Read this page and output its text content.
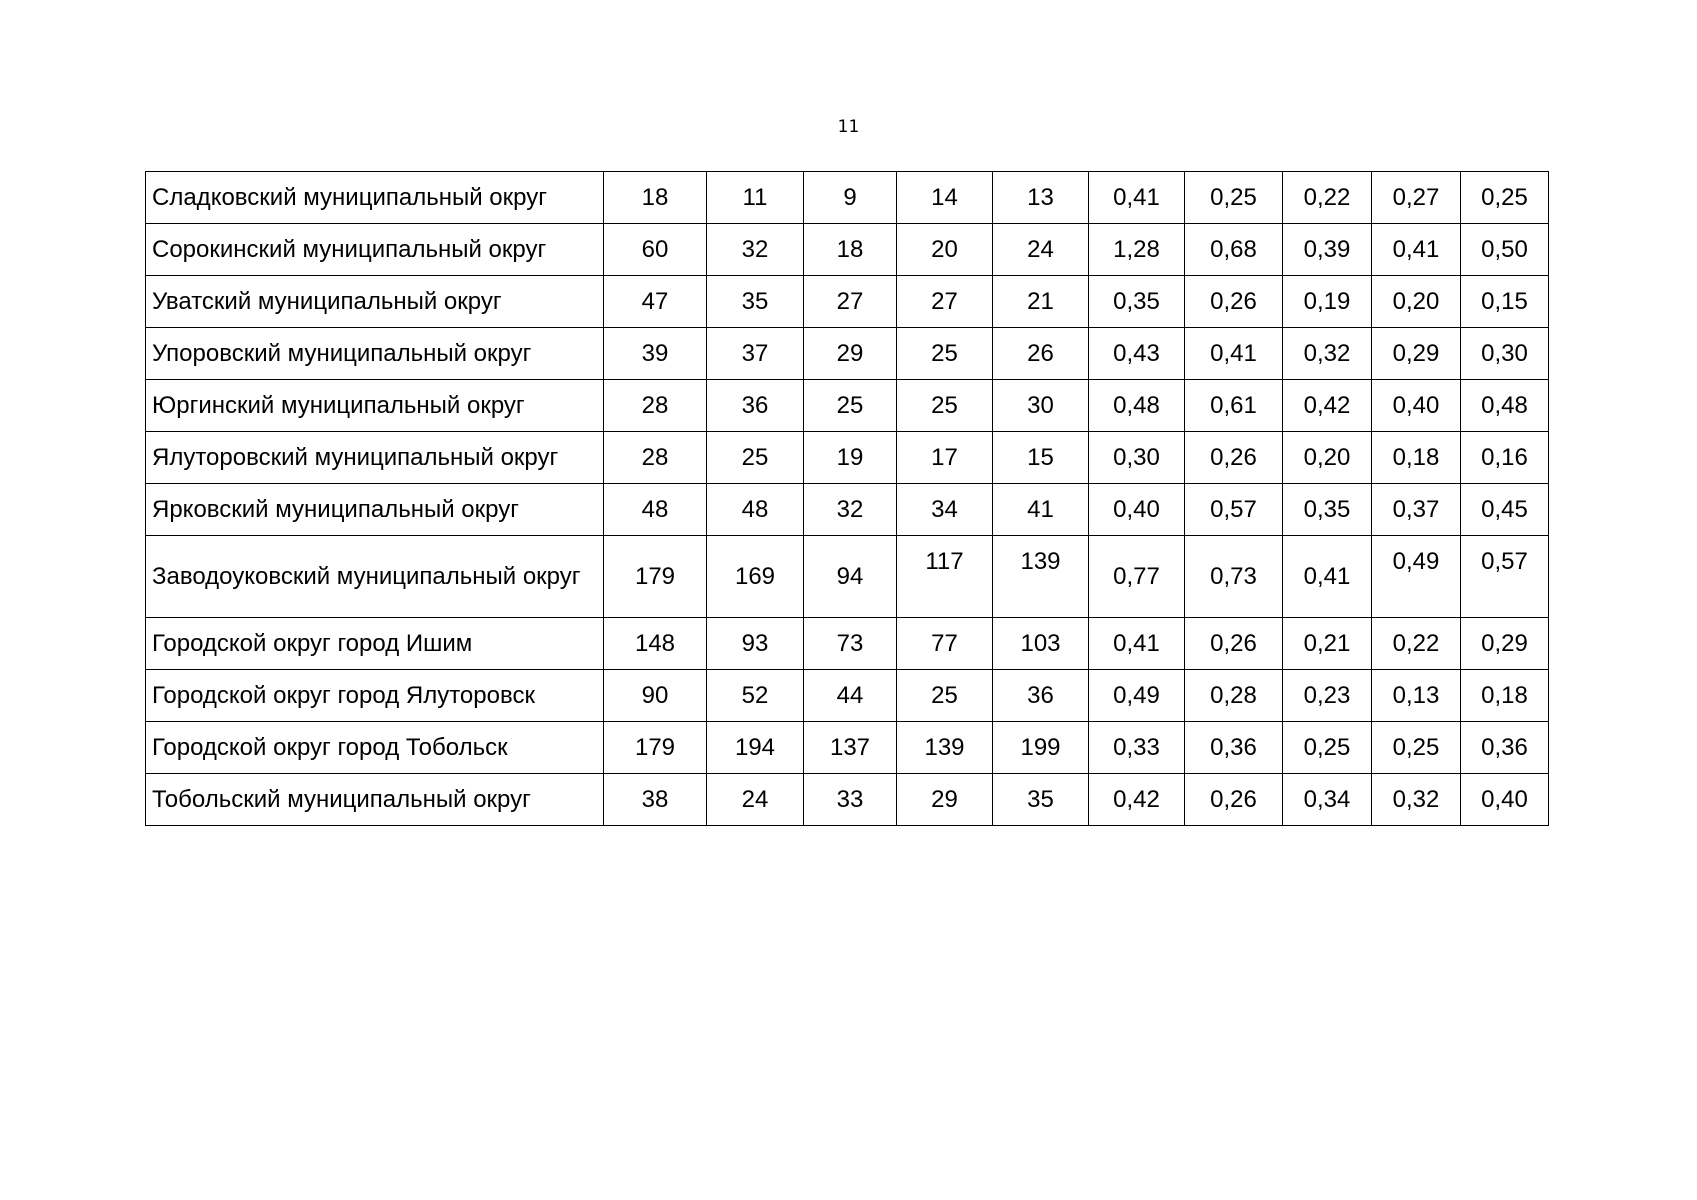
11
Сладковский муниципальный округ	18	11	9	14	13	0,41	0,25	0,22	0,27	0,25
Сорокинский муниципальный округ	60	32	18	20	24	1,28	0,68	0,39	0,41	0,50
Уватский муниципальный округ	47	35	27	27	21	0,35	0,26	0,19	0,20	0,15
Упоровский муниципальный округ	39	37	29	25	26	0,43	0,41	0,32	0,29	0,30
Юргинский муниципальный округ	28	36	25	25	30	0,48	0,61	0,42	0,40	0,48
Ялуторовский муниципальный округ	28	25	19	17	15	0,30	0,26	0,20	0,18	0,16
Ярковский муниципальный округ	48	48	32	34	41	0,40	0,57	0,35	0,37	0,45
Заводоуковский муниципальный округ	179	169	94	117	139	0,77	0,73	0,41	0,49	0,57
Городской округ город Ишим	148	93	73	77	103	0,41	0,26	0,21	0,22	0,29
Городской округ город Ялуторовск	90	52	44	25	36	0,49	0,28	0,23	0,13	0,18
Городской округ город Тобольск	179	194	137	139	199	0,33	0,36	0,25	0,25	0,36
Тобольский муниципальный округ	38	24	33	29	35	0,42	0,26	0,34	0,32	0,40
